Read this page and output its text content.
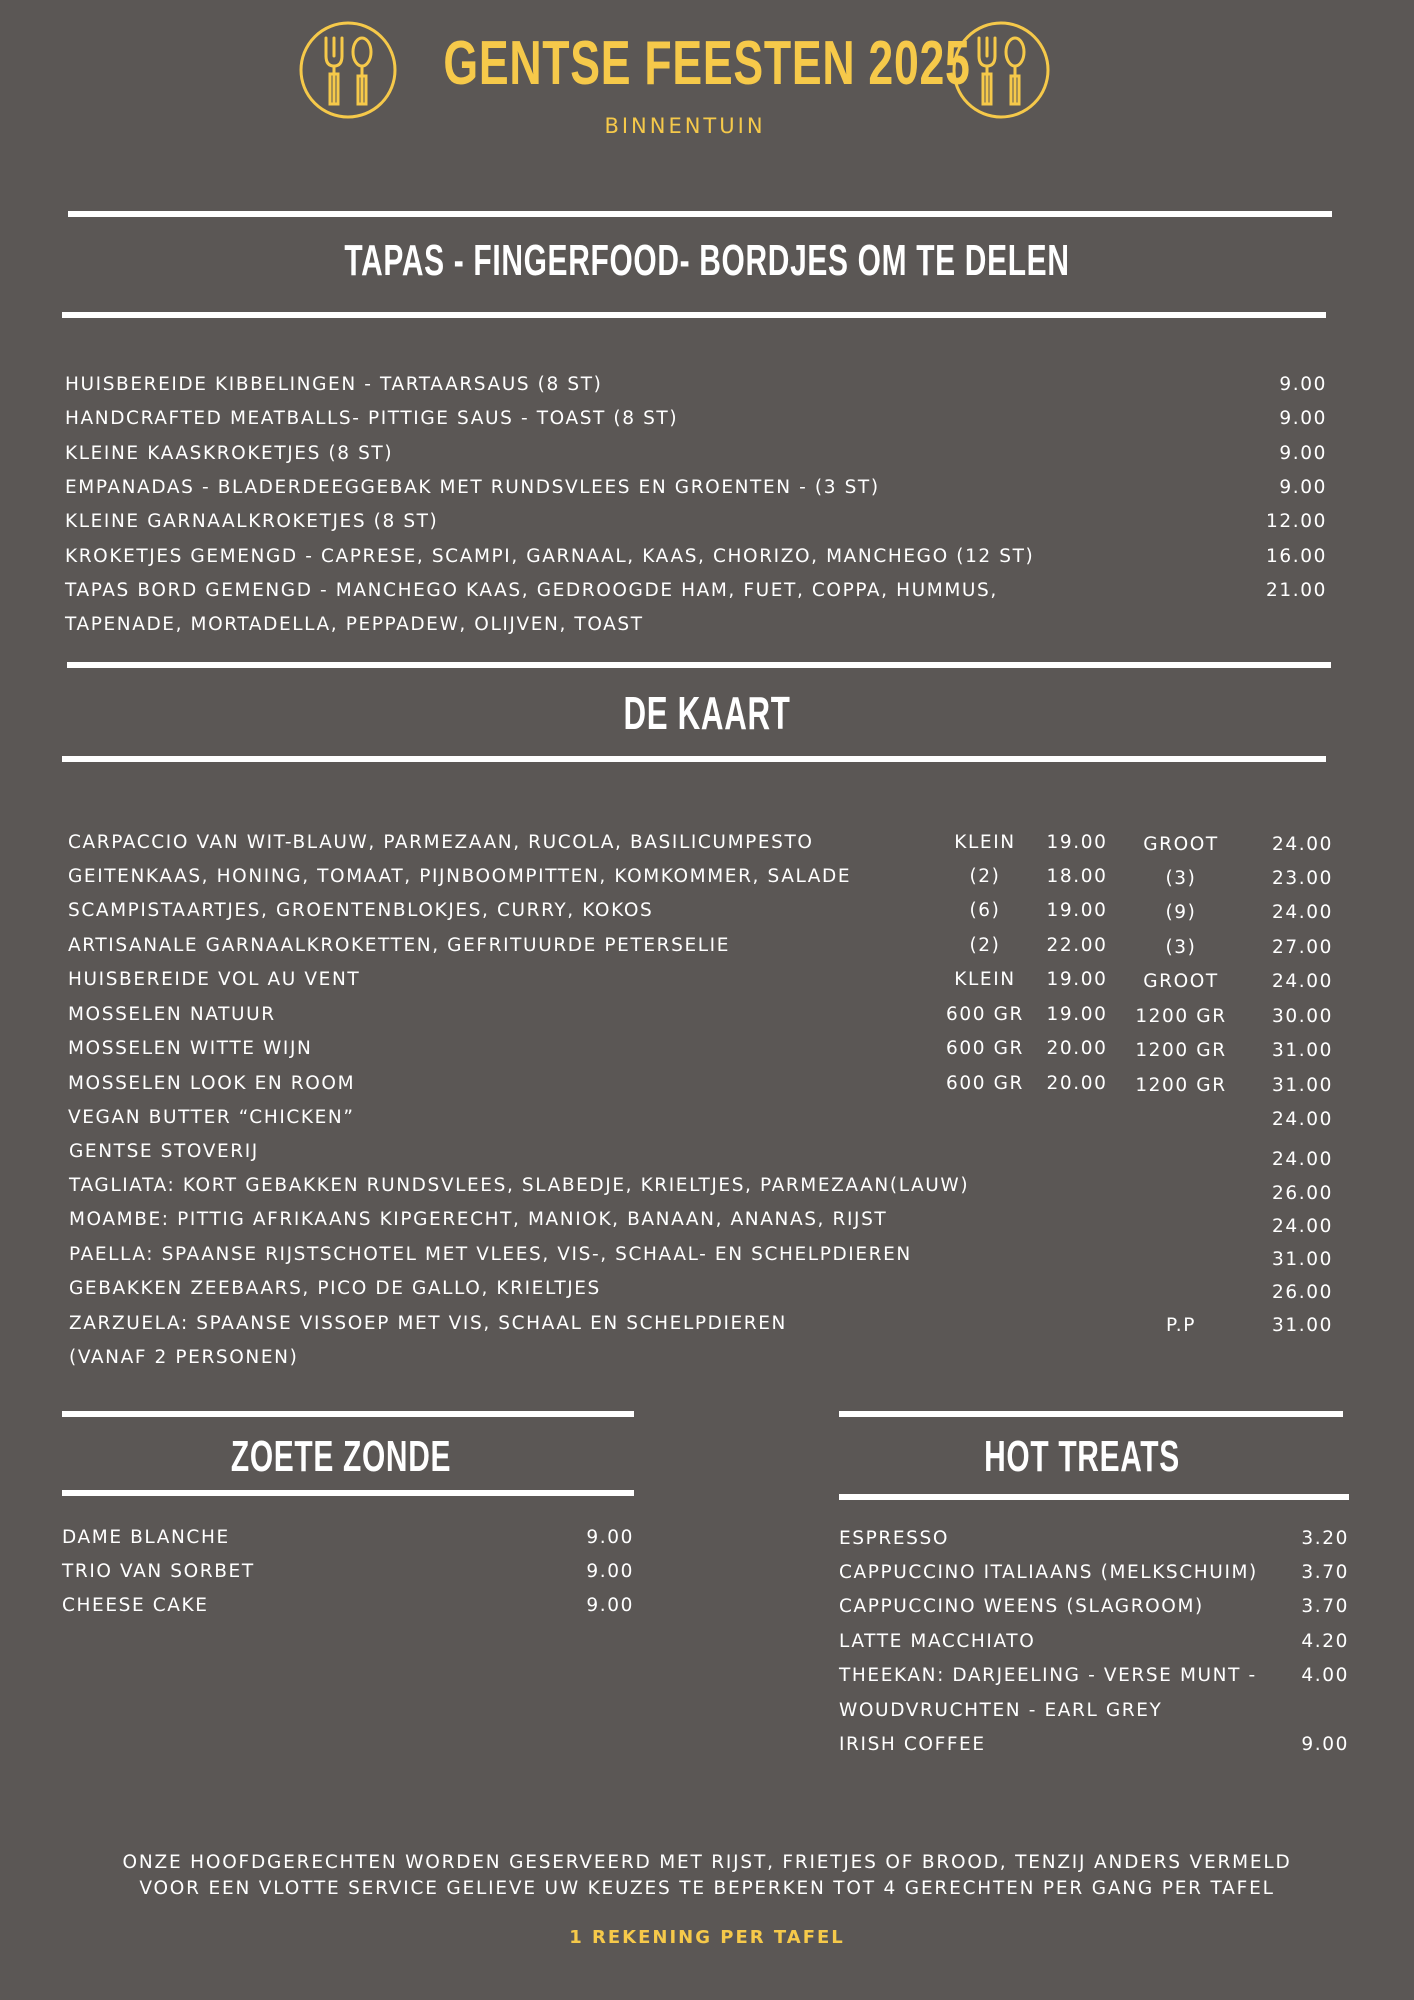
GENTSE FEESTEN 2025
BINNENTUIN
TAPAS - FINGERFOOD- BORDJES OM TE DELEN
HUISBEREIDE KIBBELINGEN - TARTAARSAUS (8 ST)	9.00
HANDCRAFTED MEATBALLS- PITTIGE SAUS - TOAST (8 ST)	9.00
KLEINE KAASKROKETJES (8 ST)	9.00
EMPANADAS - BLADERDEEGGEBAK MET RUNDSVLEES EN GROENTEN - (3 ST)	9.00
KLEINE GARNAALKROKETJES (8 ST)	12.00
KROKETJES GEMENGD - CAPRESE, SCAMPI, GARNAAL, KAAS, CHORIZO, MANCHEGO (12 ST)	16.00
TAPAS BORD GEMENGD - MANCHEGO KAAS, GEDROOGDE HAM, FUET, COPPA, HUMMUS,	21.00
TAPENADE, MORTADELLA, PEPPADEW, OLIJVEN, TOAST
DE KAART
CARPACCIO VAN WIT-BLAUW, PARMEZAAN, RUCOLA, BASILICUMPESTO	KLEIN	19.00	GROOT	24.00
GEITENKAAS, HONING, TOMAAT, PIJNBOOMPITTEN, KOMKOMMER, SALADE	(2)	18.00	(3)	23.00
SCAMPISTAARTJES, GROENTENBLOKJES, CURRY, KOKOS	(6)	19.00	(9)	24.00
ARTISANALE GARNAALKROKETTEN, GEFRITUURDE PETERSELIE	(2)	22.00	(3)	27.00
HUISBEREIDE VOL AU VENT	KLEIN	19.00	GROOT	24.00
MOSSELEN NATUUR	600 GR	19.00	1200 GR	30.00
MOSSELEN WITTE WIJN	600 GR	20.00	1200 GR	31.00
MOSSELEN LOOK EN ROOM	600 GR	20.00	1200 GR	31.00
VEGAN BUTTER “CHICKEN”	24.00
GENTSE STOVERIJ	24.00
TAGLIATA: KORT GEBAKKEN RUNDSVLEES, SLABEDJE, KRIELTJES, PARMEZAAN(LAUW)	26.00
MOAMBE: PITTIG AFRIKAANS KIPGERECHT, MANIOK, BANAAN, ANANAS, RIJST	24.00
PAELLA: SPAANSE RIJSTSCHOTEL MET VLEES, VIS-, SCHAAL- EN SCHELPDIEREN	31.00
GEBAKKEN ZEEBAARS, PICO DE GALLO, KRIELTJES	26.00
ZARZUELA: SPAANSE VISSOEP MET VIS, SCHAAL EN SCHELPDIEREN	P.P	31.00
(VANAF 2 PERSONEN)
ZOETE ZONDE
DAME BLANCHE	9.00
TRIO VAN SORBET	9.00
CHEESE CAKE	9.00
HOT TREATS
ESPRESSO	3.20
CAPPUCCINO ITALIAANS (MELKSCHUIM)	3.70
CAPPUCCINO WEENS (SLAGROOM)	3.70
LATTE MACCHIATO	4.20
THEEKAN: DARJEELING - VERSE MUNT -	4.00
WOUDVRUCHTEN - EARL GREY
IRISH COFFEE	9.00
ONZE HOOFDGERECHTEN WORDEN GESERVEERD MET RIJST, FRIETJES OF BROOD, TENZIJ ANDERS VERMELD
VOOR EEN VLOTTE SERVICE GELIEVE UW KEUZES TE BEPERKEN TOT 4 GERECHTEN PER GANG PER TAFEL
1 REKENING PER TAFEL
